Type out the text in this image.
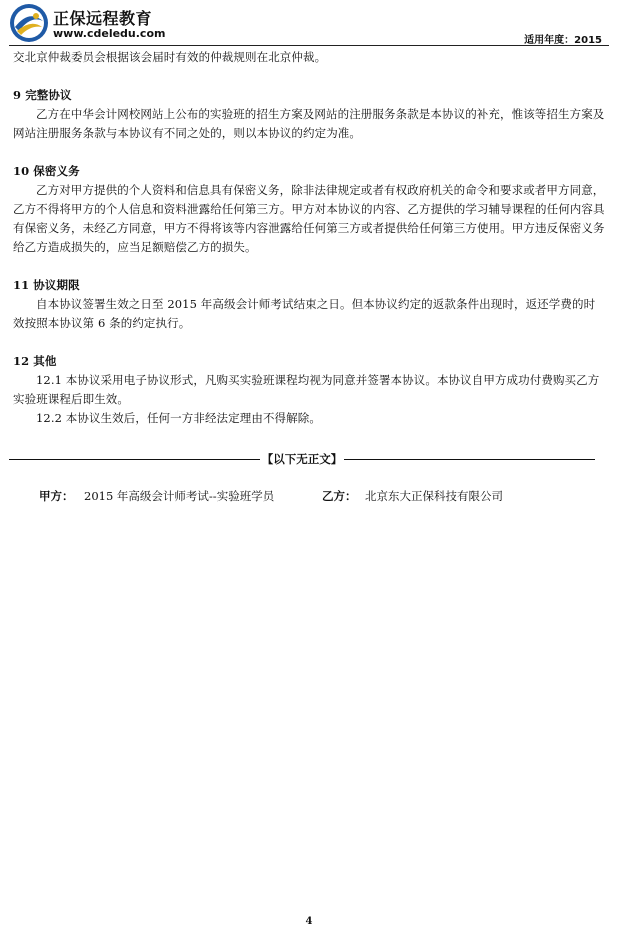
正保远程教育
www.cdeledu.com
适用年度：2015

交北京仲裁委员会根据该会届时有效的仲裁规则在北京仲裁。

9 完整协议

乙方在中华会计网校网站上公布的实验班的招生方案及网站的注册服务条款是本协议的补充，惟该等招生方案及网站注册服务条款与本协议有不同之处的，则以本协议的约定为准。

10 保密义务

乙方对甲方提供的个人资料和信息具有保密义务，除非法律规定或者有权政府机关的命令和要求或者甲方同意，乙方不得将甲方的个人信息和资料泄露给任何第三方。甲方对本协议的内容、乙方提供的学习辅导课程的任何内容具有保密义务，未经乙方同意，甲方不得将该等内容泄露给任何第三方或者提供给任何第三方使用。甲方违反保密义务给乙方造成损失的，应当足额赔偿乙方的损失。

11 协议期限

自本协议签署生效之日至 2015 年高级会计师考试结束之日。但本协议约定的返款条件出现时，返还学费的时效按照本协议第 6 条的约定执行。

12 其他

12.1 本协议采用电子协议形式，凡购买实验班课程均视为同意并签署本协议。本协议自甲方成功付费购买乙方实验班课程后即生效。

12.2 本协议生效后，任何一方非经法定理由不得解除。

【以下无正文】
甲方： 2015 年高级会计师考试--实验班学员	乙方： 北京东大正保科技有限公司
4
